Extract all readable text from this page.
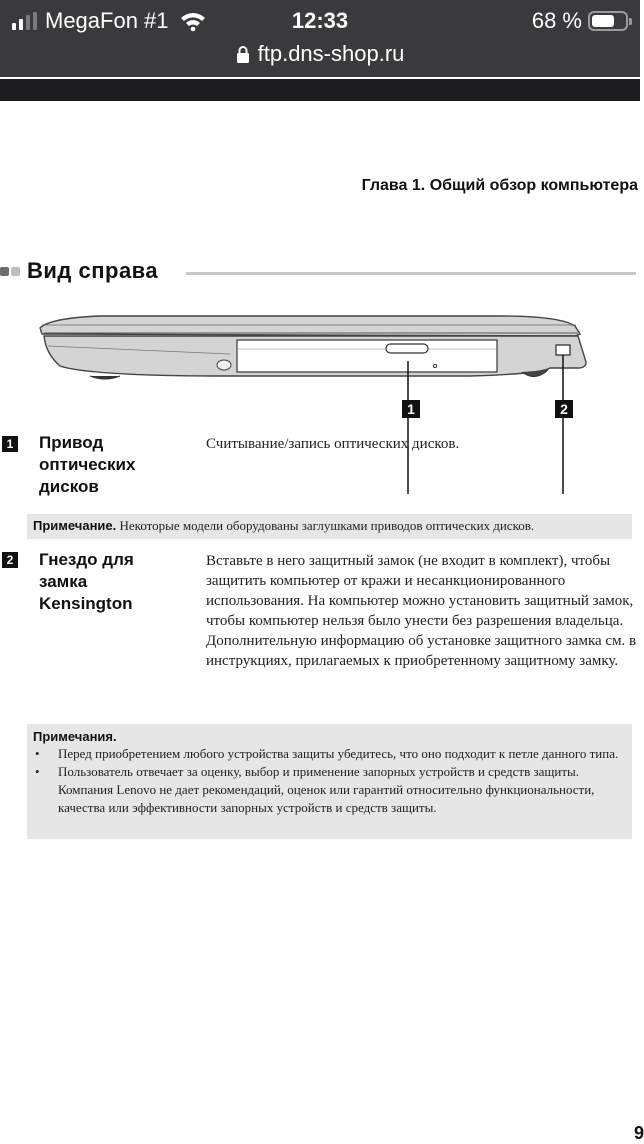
MegaFon #1	12:33	68 %
ftp.dns-shop.ru
Глава 1. Общий обзор компьютера
Вид справа
1	2
1 Привод
оптических
дисков
Считывание/запись оптических дисков.
Примечание. Некоторые модели оборудованы заглушками приводов оптических дисков.
2 Гнездо для
замка
Kensington
Вставьте в него защитный замок (не входит в комплект), чтобы защитить компьютер от кражи и несанкционированного использования. На компьютер можно установить защитный замок, чтобы компьютер нельзя было унести без разрешения владельца. Дополнительную информацию об установке защитного замка см. в инструкциях, прилагаемых к приобретенному защитному замку.
Примечания.
• Перед приобретением любого устройства защиты убедитесь, что оно подходит к петле данного типа.
• Пользователь отвечает за оценку, выбор и применение запорных устройств и средств защиты. Компания Lenovo не дает рекомендаций, оценок или гарантий относительно функциональности, качества или эффективности запорных устройств и средств защиты.
9
